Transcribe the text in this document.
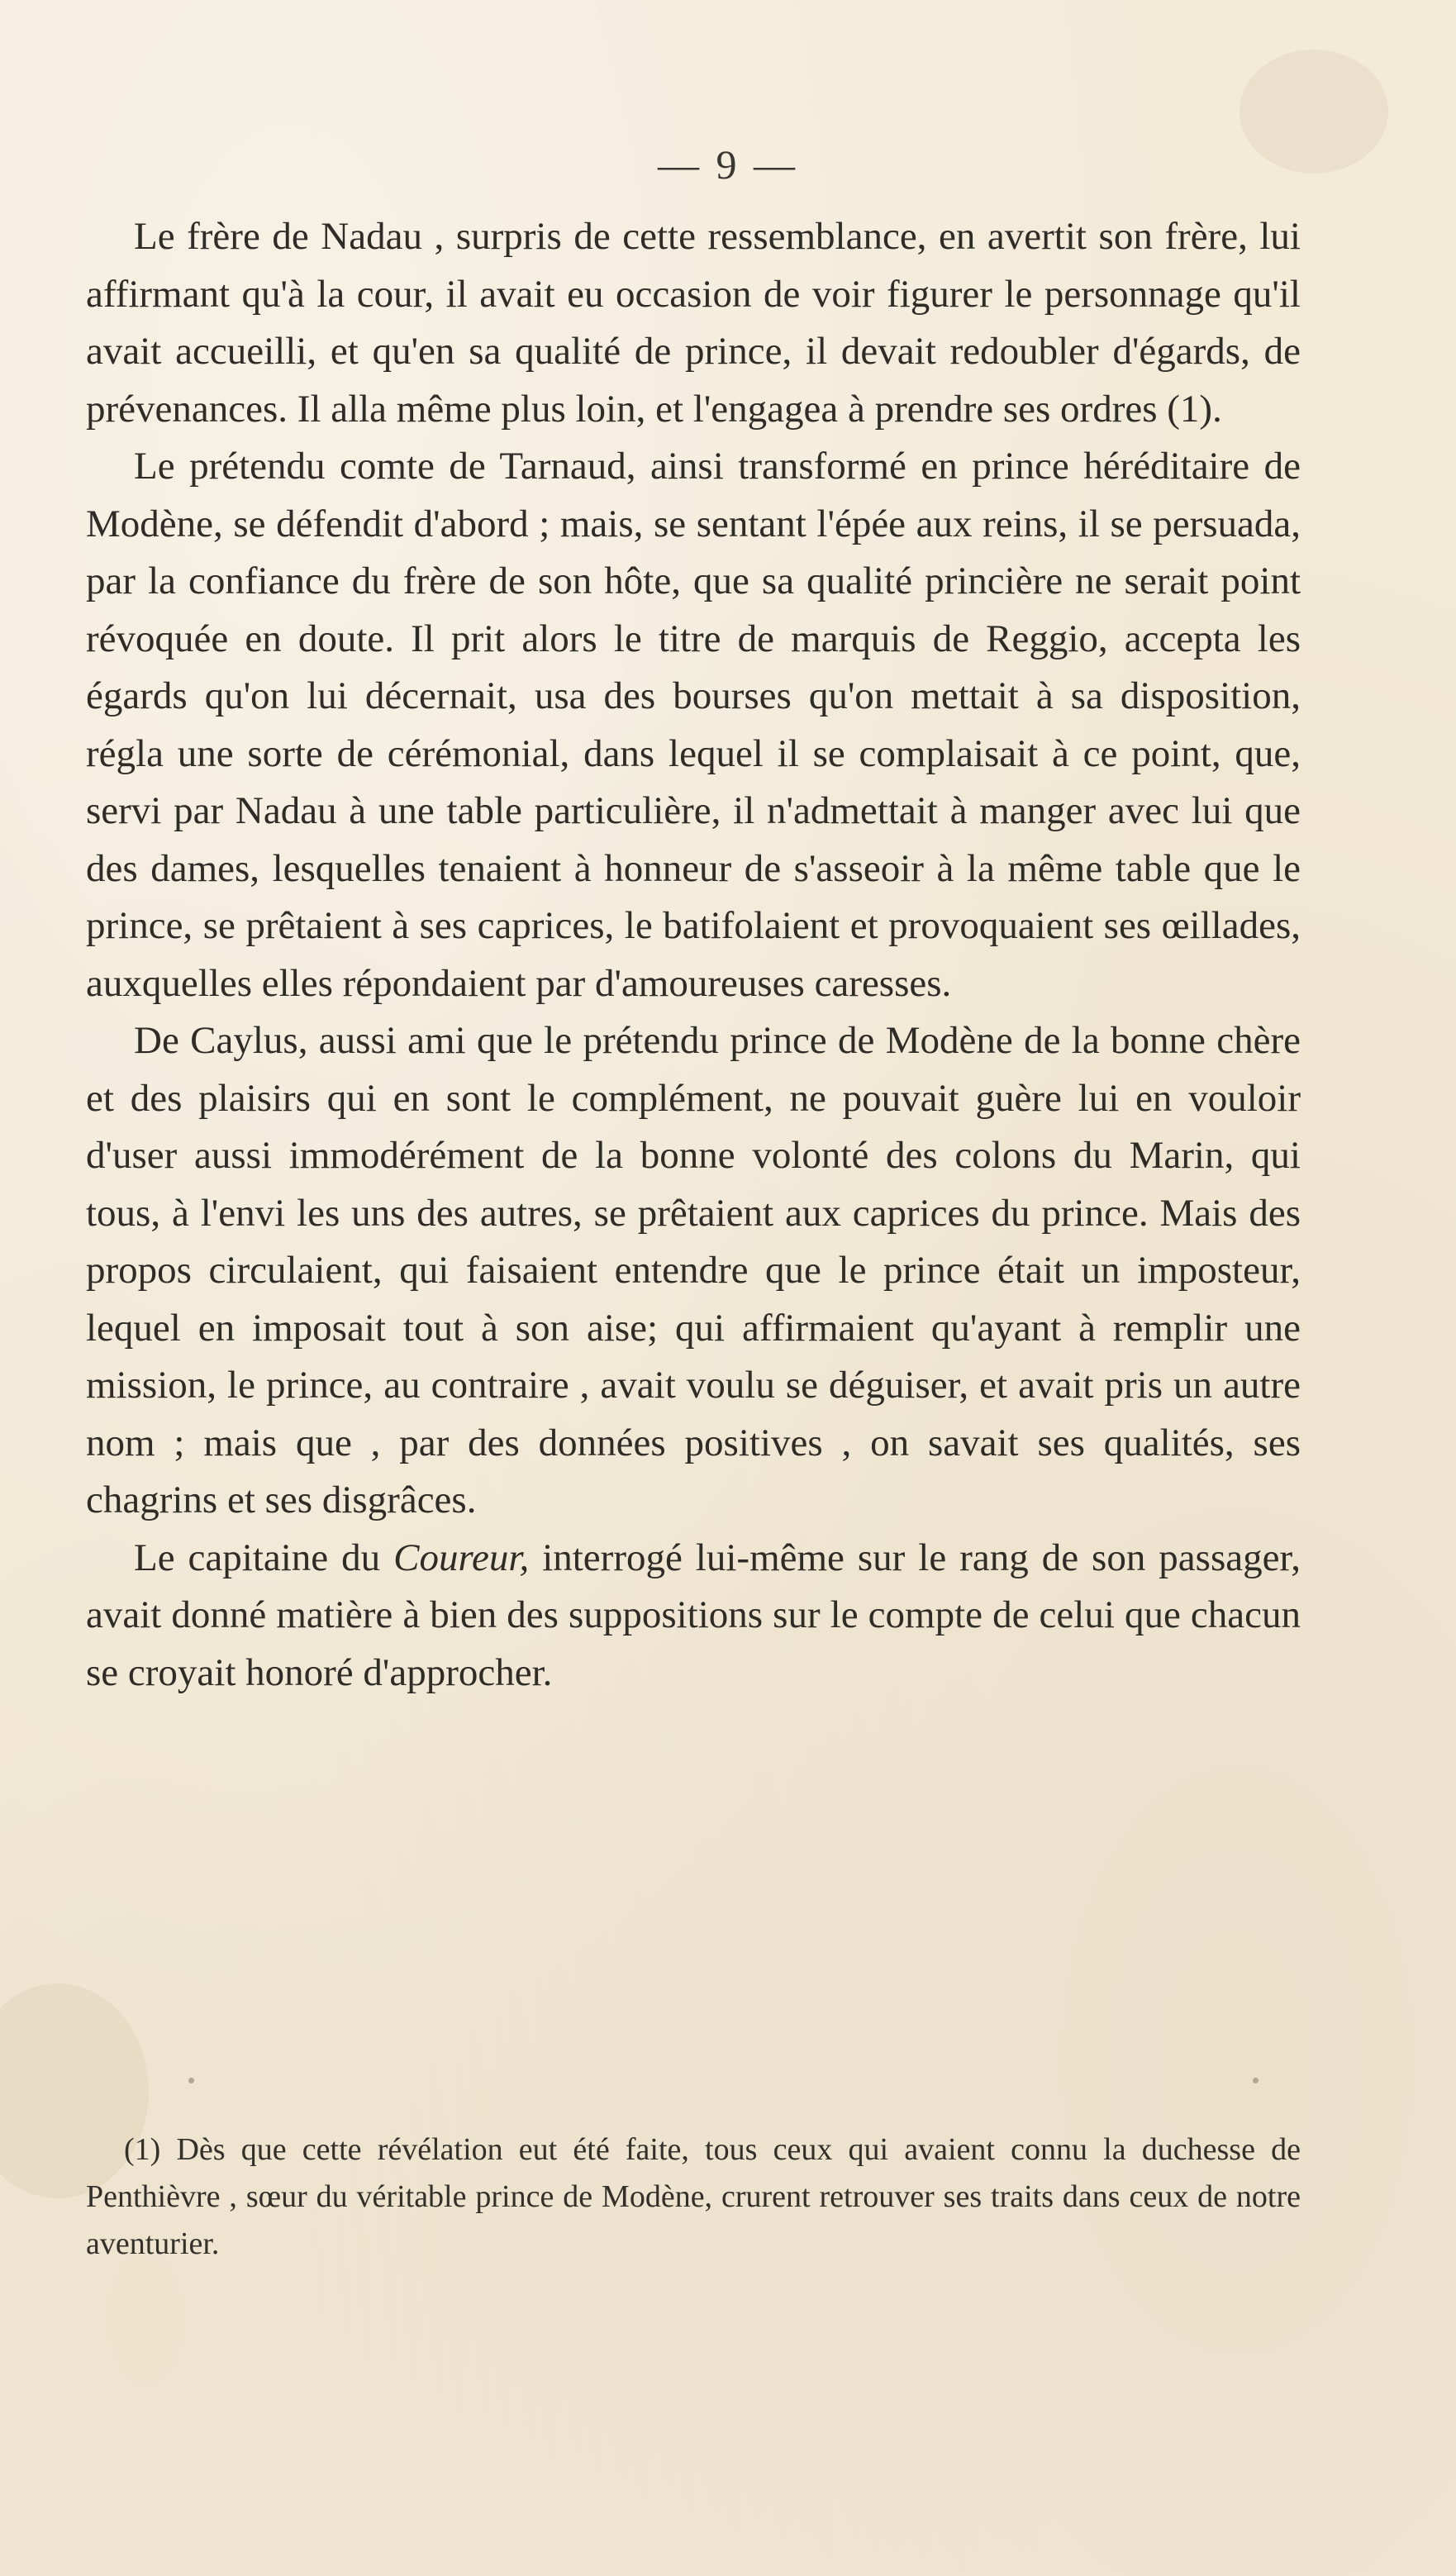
— 9 —

Le frère de Nadau , surpris de cette ressemblance, en avertit son frère, lui affirmant qu'à la cour, il avait eu occasion de voir figurer le personnage qu'il avait accueilli, et qu'en sa qualité de prince, il devait redoubler d'égards, de prévenances. Il alla même plus loin, et l'engagea à prendre ses ordres (1).

Le prétendu comte de Tarnaud, ainsi transformé en prince héréditaire de Modène, se défendit d'abord ; mais, se sentant l'épée aux reins, il se persuada, par la confiance du frère de son hôte, que sa qualité princière ne serait point révoquée en doute. Il prit alors le titre de marquis de Reggio, accepta les égards qu'on lui décernait, usa des bourses qu'on mettait à sa disposition, régla une sorte de cérémonial, dans lequel il se complaisait à ce point, que, servi par Nadau à une table particulière, il n'admettait à manger avec lui que des dames, lesquelles tenaient à honneur de s'asseoir à la même table que le prince, se prêtaient à ses caprices, le batifolaient et provoquaient ses œillades, auxquelles elles répondaient par d'amoureuses caresses.

De Caylus, aussi ami que le prétendu prince de Modène de la bonne chère et des plaisirs qui en sont le complément, ne pouvait guère lui en vouloir d'user aussi immodérément de la bonne volonté des colons du Marin, qui tous, à l'envi les uns des autres, se prêtaient aux caprices du prince. Mais des propos circulaient, qui faisaient entendre que le prince était un imposteur, lequel en imposait tout à son aise; qui affirmaient qu'ayant à remplir une mission, le prince, au contraire , avait voulu se déguiser, et avait pris un autre nom ; mais que , par des données positives , on savait ses qualités, ses chagrins et ses disgrâces.

Le capitaine du Coureur, interrogé lui-même sur le rang de son passager, avait donné matière à bien des suppositions sur le compte de celui que chacun se croyait honoré d'approcher.

(1) Dès que cette révélation eut été faite, tous ceux qui avaient connu la duchesse de Penthièvre , sœur du véritable prince de Modène, crurent retrouver ses traits dans ceux de notre aventurier.
